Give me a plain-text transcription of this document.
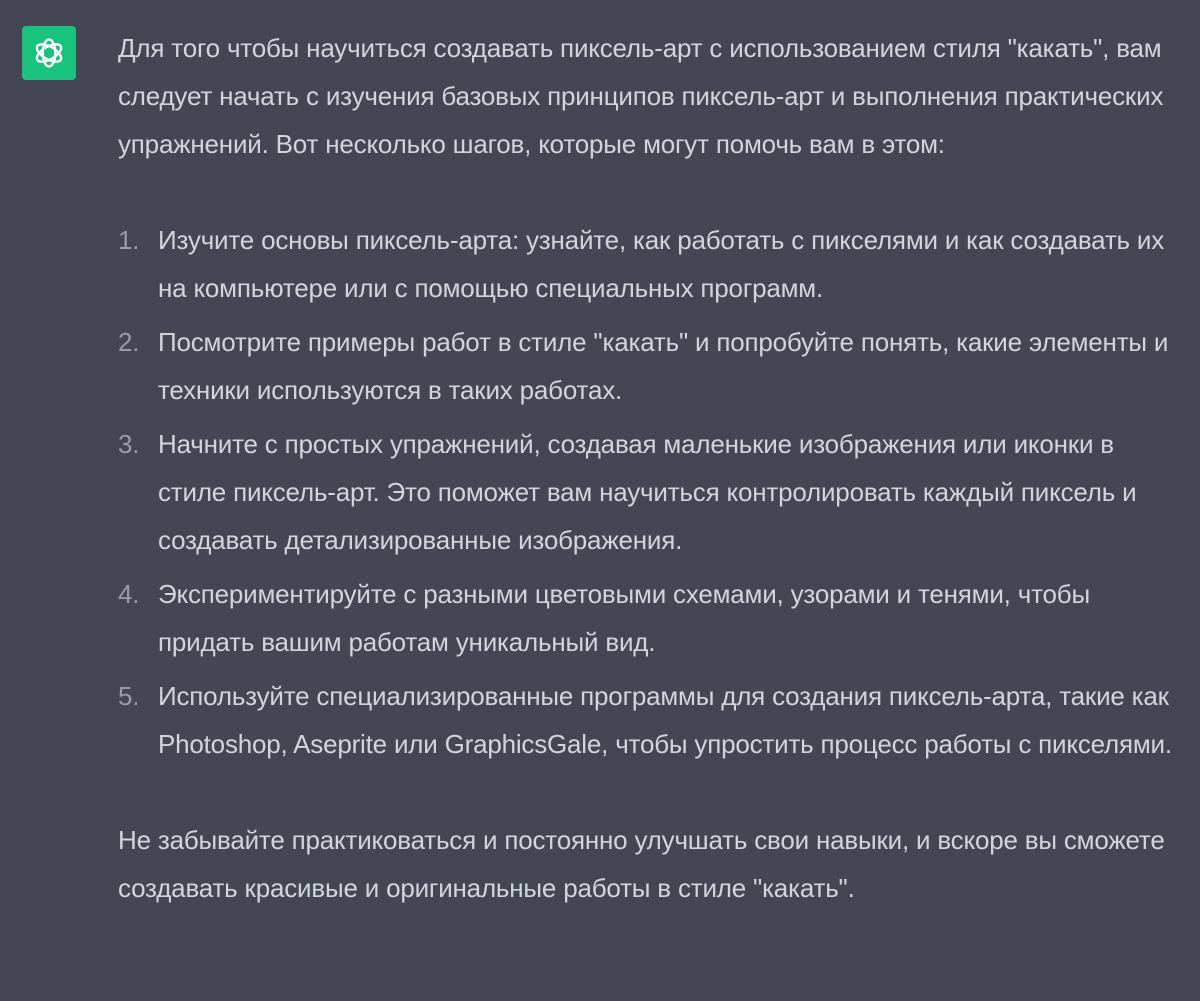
Для того чтобы научиться создавать пиксель-арт с использованием стиля "какать", вам следует начать с изучения базовых принципов пиксель-арт и выполнения практических упражнений. Вот несколько шагов, которые могут помочь вам в этом:

1. Изучите основы пиксель-арта: узнайте, как работать с пикселями и как создавать их на компьютере или с помощью специальных программ.
2. Посмотрите примеры работ в стиле "какать" и попробуйте понять, какие элементы и техники используются в таких работах.
3. Начните с простых упражнений, создавая маленькие изображения или иконки в стиле пиксель-арт. Это поможет вам научиться контролировать каждый пиксель и создавать детализированные изображения.
4. Экспериментируйте с разными цветовыми схемами, узорами и тенями, чтобы придать вашим работам уникальный вид.
5. Используйте специализированные программы для создания пиксель-арта, такие как Photoshop, Aseprite или GraphicsGale, чтобы упростить процесс работы с пикселями.

Не забывайте практиковаться и постоянно улучшать свои навыки, и вскоре вы сможете создавать красивые и оригинальные работы в стиле "какать".
